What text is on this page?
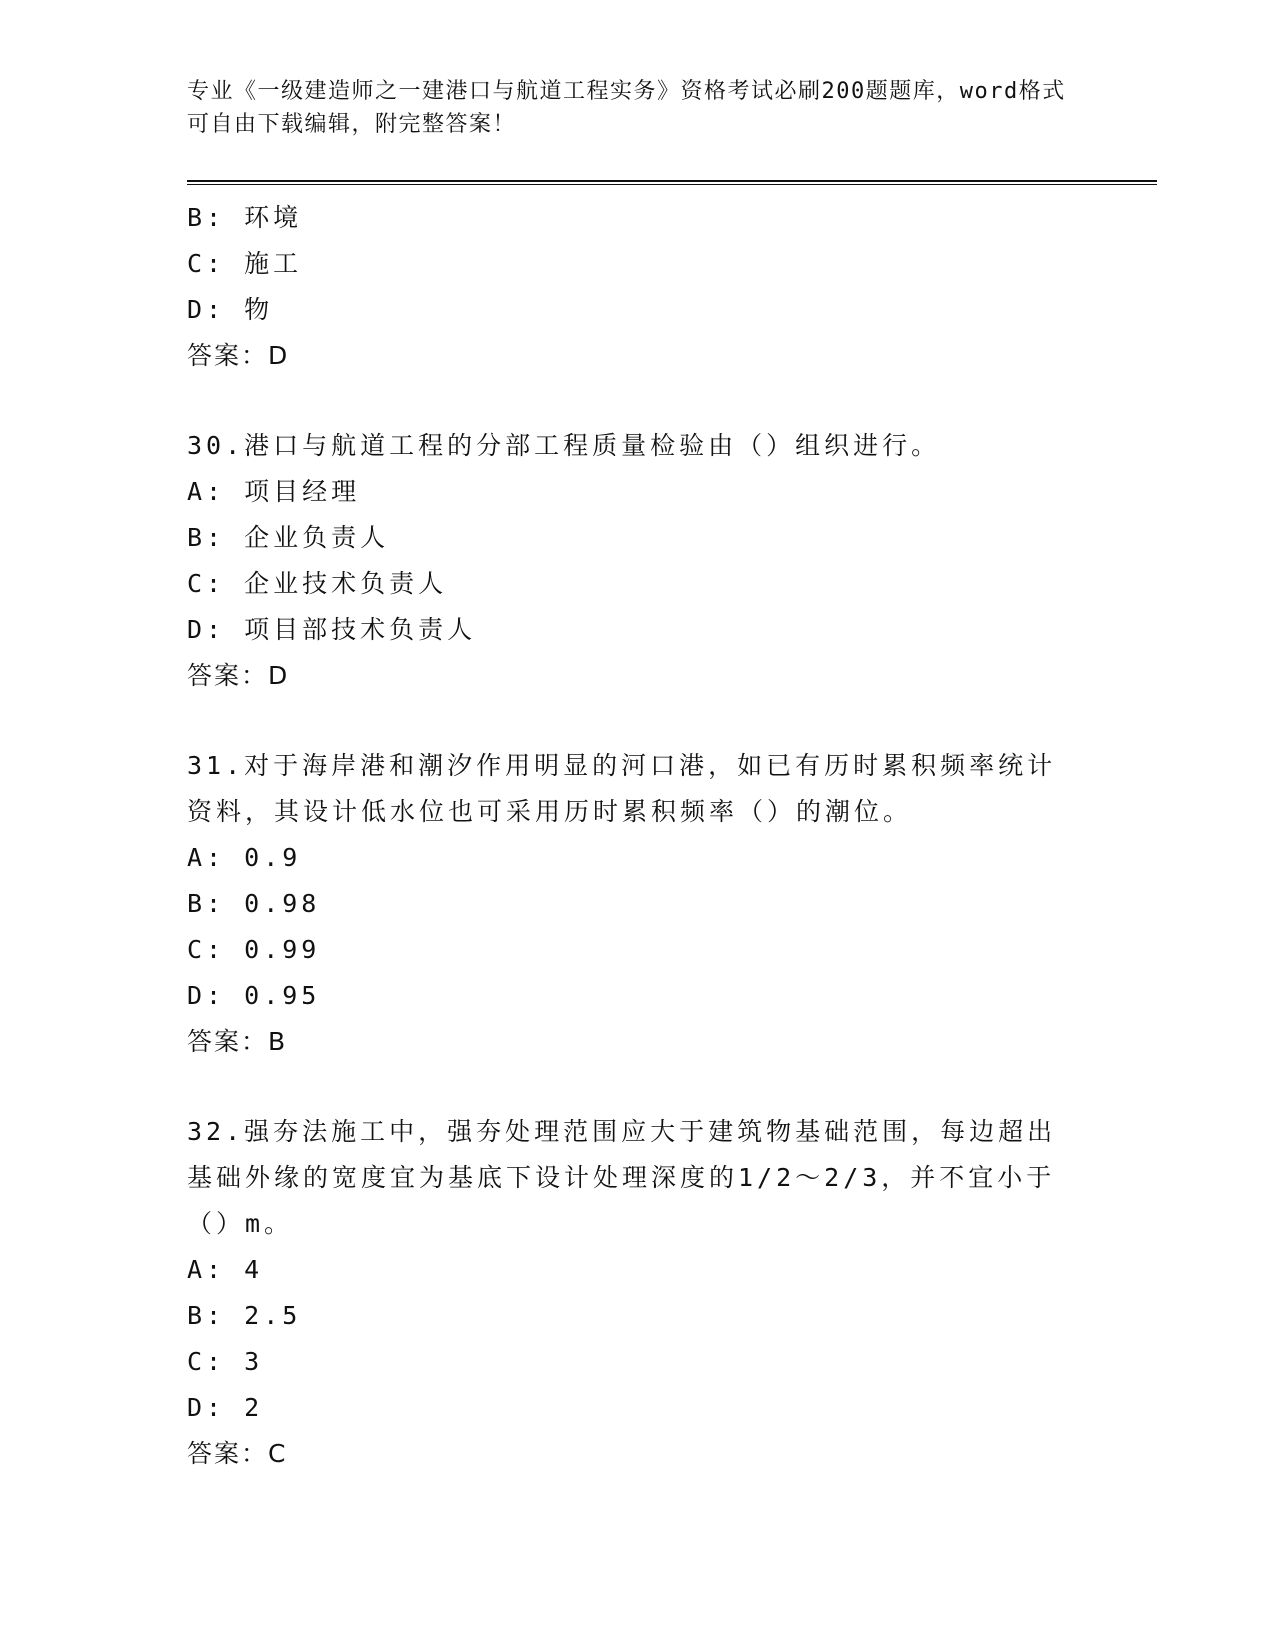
专业《一级建造师之一建港口与航道工程实务》资格考试必刷200题题库，word格式可自由下载编辑，附完整答案！
B: 环境
C: 施工
D: 物
答案：D
30.港口与航道工程的分部工程质量检验由（）组织进行。
A: 项目经理
B: 企业负责人
C: 企业技术负责人
D: 项目部技术负责人
答案：D
31.对于海岸港和潮汐作用明显的河口港，如已有历时累积频率统计资料，其设计低水位也可采用历时累积频率（）的潮位。
A: 0.9
B: 0.98
C: 0.99
D: 0.95
答案：B
32.强夯法施工中，强夯处理范围应大于建筑物基础范围，每边超出基础外缘的宽度宜为基底下设计处理深度的1/2～2/3，并不宜小于（）m。
A: 4
B: 2.5
C: 3
D: 2
答案：C
